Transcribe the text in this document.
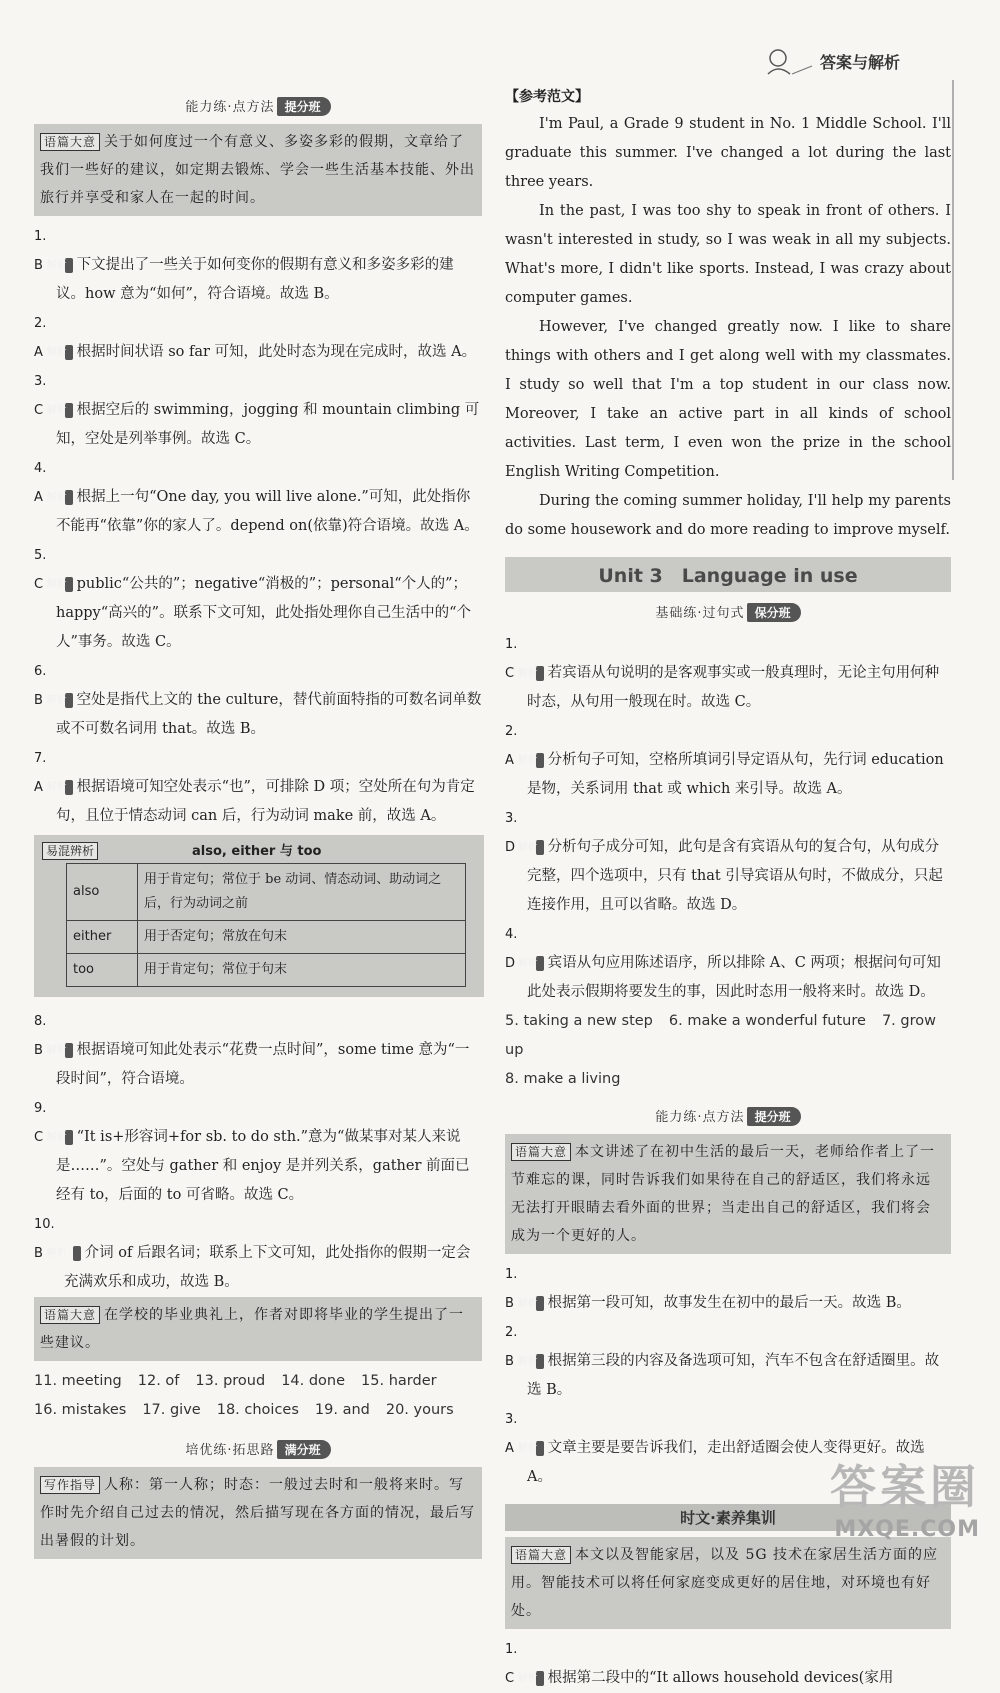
答案与解析
能力练·点方法 提分班
语篇大意 关于如何度过一个有意义、多姿多彩的假期，文章给了我们一些好的建议，如定期去锻炼、学会一些生活基本技能、外出旅行并享受和家人在一起的时间。
1. B 解析 下文提出了一些关于如何变你的假期有意义和多姿多彩的建议。how 意为“如何”，符合语境。故选 B。
2. A 解析 根据时间状语 so far 可知，此处时态为现在完成时，故选 A。
3. C 解析 根据空后的 swimming，jogging 和 mountain climbing 可知，空处是列举事例。故选 C。
4. A 解析 根据上一句“One day, you will live alone.”可知，此处指你不能再“依靠”你的家人了。depend on(依靠)符合语境。故选 A。
5. C 解析 public“公共的”；negative“消极的”；personal“个人的”；happy“高兴的”。联系下文可知，此处指处理你自己生活中的“个人”事务。故选 C。
6. B 解析 空处是指代上文的 the culture，替代前面特指的可数名词单数或不可数名词用 that。故选 B。
7. A 解析 根据语境可知空处表示“也”，可排除 D 项；空处所在句为肯定句，且位于情态动词 can 后，行为动词 make 前，故选 A。
易混辨析	also, either 与 too
also	用于肯定句；常位于 be 动词、情态动词、助动词之后，行为动词之前
either	用于否定句；常放在句末
too	用于肯定句；常位于句末
8. B 解析 根据语境可知此处表示“花费一点时间”，some time 意为“一段时间”，符合语境。
9. C 解析 “It is+形容词+for sb. to do sth.”意为“做某事对某人来说是……”。空处与 gather 和 enjoy 是并列关系，gather 前面已经有 to，后面的 to 可省略。故选 C。
10. B 解析 介词 of 后跟名词；联系上下文可知，此处指你的假期一定会充满欢乐和成功，故选 B。
语篇大意 在学校的毕业典礼上，作者对即将毕业的学生提出了一些建议。
11. meeting 12. of 13. proud 14. done 15. harder
16. mistakes 17. give 18. choices 19. and 20. yours
培优练·拓思路 满分班
写作指导 人称：第一人称；时态：一般过去时和一般将来时。写作时先介绍自己过去的情况，然后描写现在各方面的情况，最后写出暑假的计划。
【参考范文】

I'm Paul, a Grade 9 student in No. 1 Middle School. I'll graduate this summer. I've changed a lot during the last three years.

In the past, I was too shy to speak in front of others. I wasn't interested in study, so I was weak in all my subjects. What's more, I didn't like sports. Instead, I was crazy about computer games.

However, I've changed greatly now. I like to share things with others and I get along well with my classmates. I study so well that I'm a top student in our class now. Moreover, I take an active part in all kinds of school activities. Last term, I even won the prize in the school English Writing Competition.

During the coming summer holiday, I'll help my parents do some housework and do more reading to improve myself.

Unit 3　Language in use
基础练·过句式 保分班
1. C 解析 若宾语从句说明的是客观事实或一般真理时，无论主句用何种时态，从句用一般现在时。故选 C。
2. A 解析 分析句子可知，空格所填词引导定语从句，先行词 education 是物，关系词用 that 或 which 来引导。故选 A。
3. D 解析 分析句子成分可知，此句是含有宾语从句的复合句，从句成分完整，四个选项中，只有 that 引导宾语从句时，不做成分，只起连接作用，且可以省略。故选 D。
4. D 解析 宾语从句应用陈述语序，所以排除 A、C 两项；根据问句可知此处表示假期将要发生的事，因此时态用一般将来时。故选 D。
5. taking a new step 6. make a wonderful future 7. grow up
8. make a living
能力练·点方法 提分班
语篇大意 本文讲述了在初中生活的最后一天，老师给作者上了一节难忘的课，同时告诉我们如果待在自己的舒适区，我们将永远无法打开眼睛去看外面的世界；当走出自己的舒适区，我们将会成为一个更好的人。
1. B 解析 根据第一段可知，故事发生在初中的最后一天。故选 B。
2. B 解析 根据第三段的内容及备选项可知，汽车不包含在舒适圈里。故选 B。
3. A 解析 文章主要是要告诉我们，走出舒适圈会使人变得更好。故选 A。
时文·素养集训
语篇大意 本文以及智能家居，以及 5G 技术在家居生活方面的应用。智能技术可以将任何家庭变成更好的居住地，对环境也有好处。
1. C 解析 根据第二段中的“It allows household devices(家用
答案圈
MXQE.COM
